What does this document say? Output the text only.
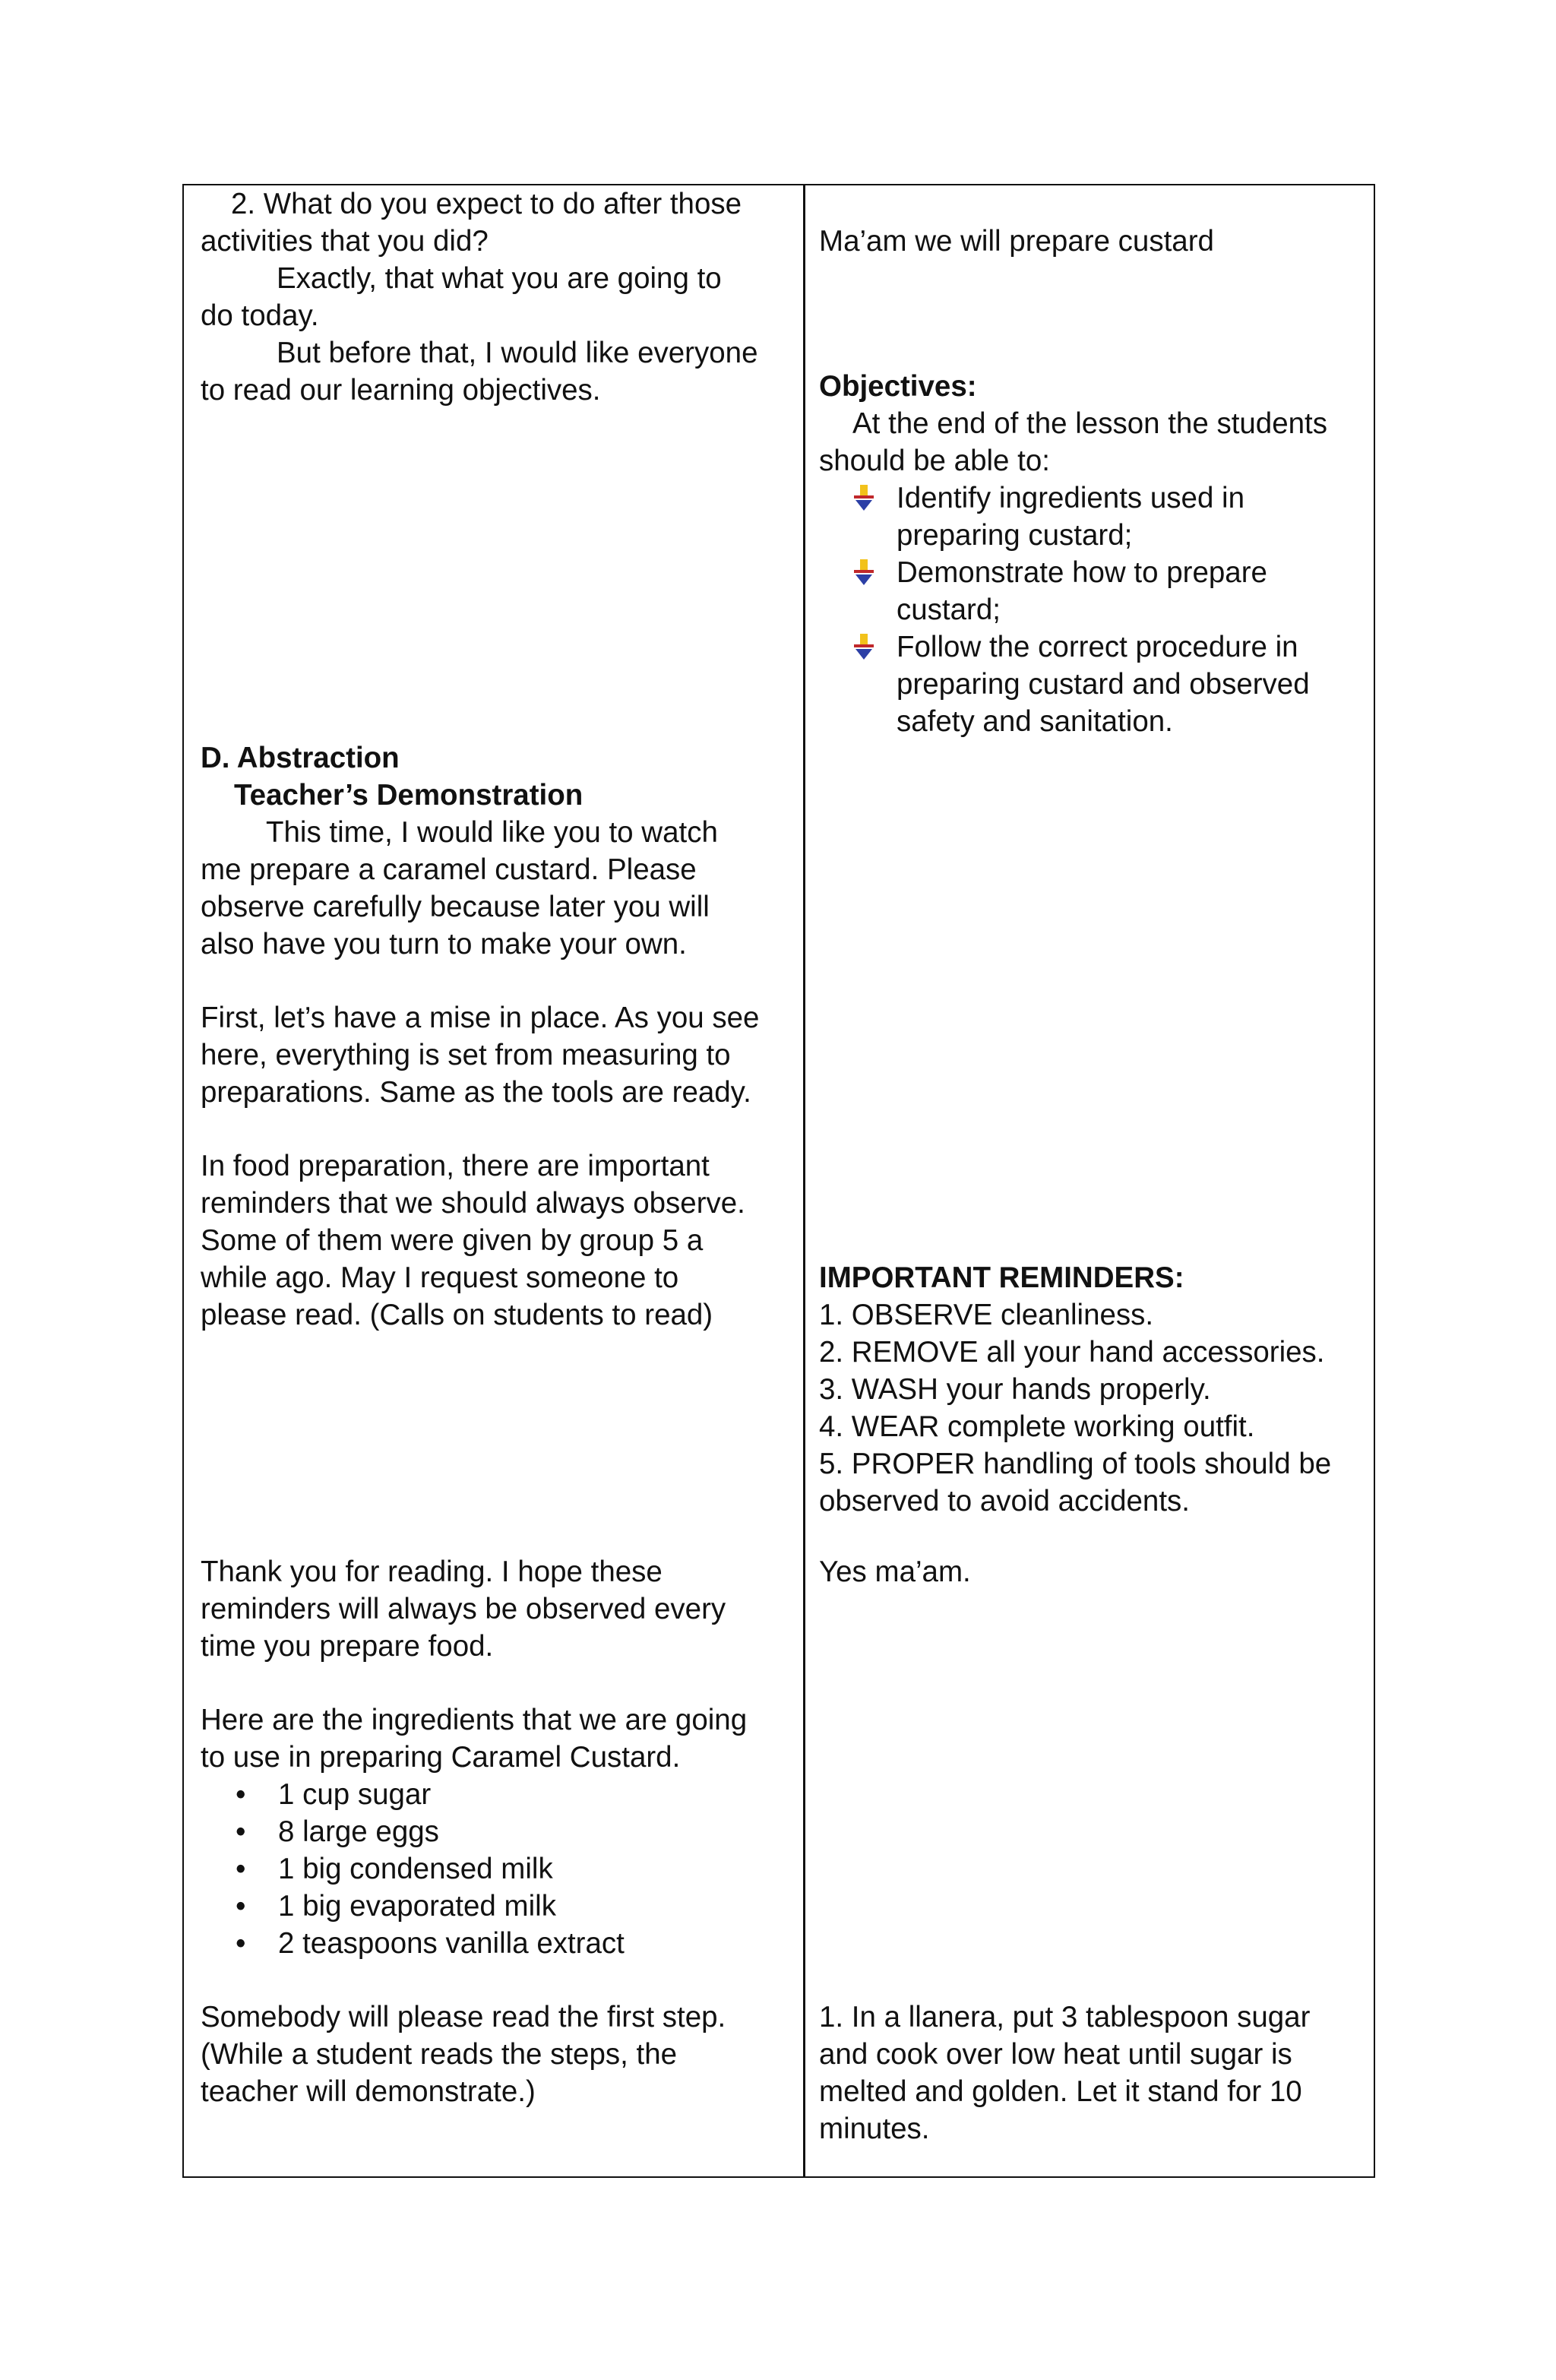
2. What do you expect to do after those
activities that you did?
Exactly, that what you are going to
do today.
But before that, I would like everyone
to read our learning objectives.
D. Abstraction
Teacher’s Demonstration
This time, I would like you to watch
me prepare a caramel custard. Please
observe carefully because later you will
also have you turn to make your own.
First, let’s have a mise in place. As you see
here, everything is set from measuring to
preparations. Same as the tools are ready.
In food preparation, there are important
reminders that we should always observe.
Some of them were given by group 5 a
while ago. May I request someone to
please read. (Calls on students to read)
Thank you for reading. I hope these
reminders will always be observed every
time you prepare food.
Here are the ingredients that we are going
to use in preparing Caramel Custard.
• 1 cup sugar
• 8 large eggs
• 1 big condensed milk
• 1 big evaporated milk
• 2 teaspoons vanilla extract
Somebody will please read the first step.
(While a student reads the steps, the
teacher will demonstrate.)
Ma’am we will prepare custard
Objectives:
At the end of the lesson the students
should be able to:
Identify ingredients used in
preparing custard;
Demonstrate how to prepare
custard;
Follow the correct procedure in
preparing custard and observed
safety and sanitation.
IMPORTANT REMINDERS:
1. OBSERVE cleanliness.
2. REMOVE all your hand accessories.
3. WASH your hands properly.
4. WEAR complete working outfit.
5. PROPER handling of tools should be
observed to avoid accidents.
Yes ma’am.
1. In a llanera, put 3 tablespoon sugar
and cook over low heat until sugar is
melted and golden. Let it stand for 10
minutes.
